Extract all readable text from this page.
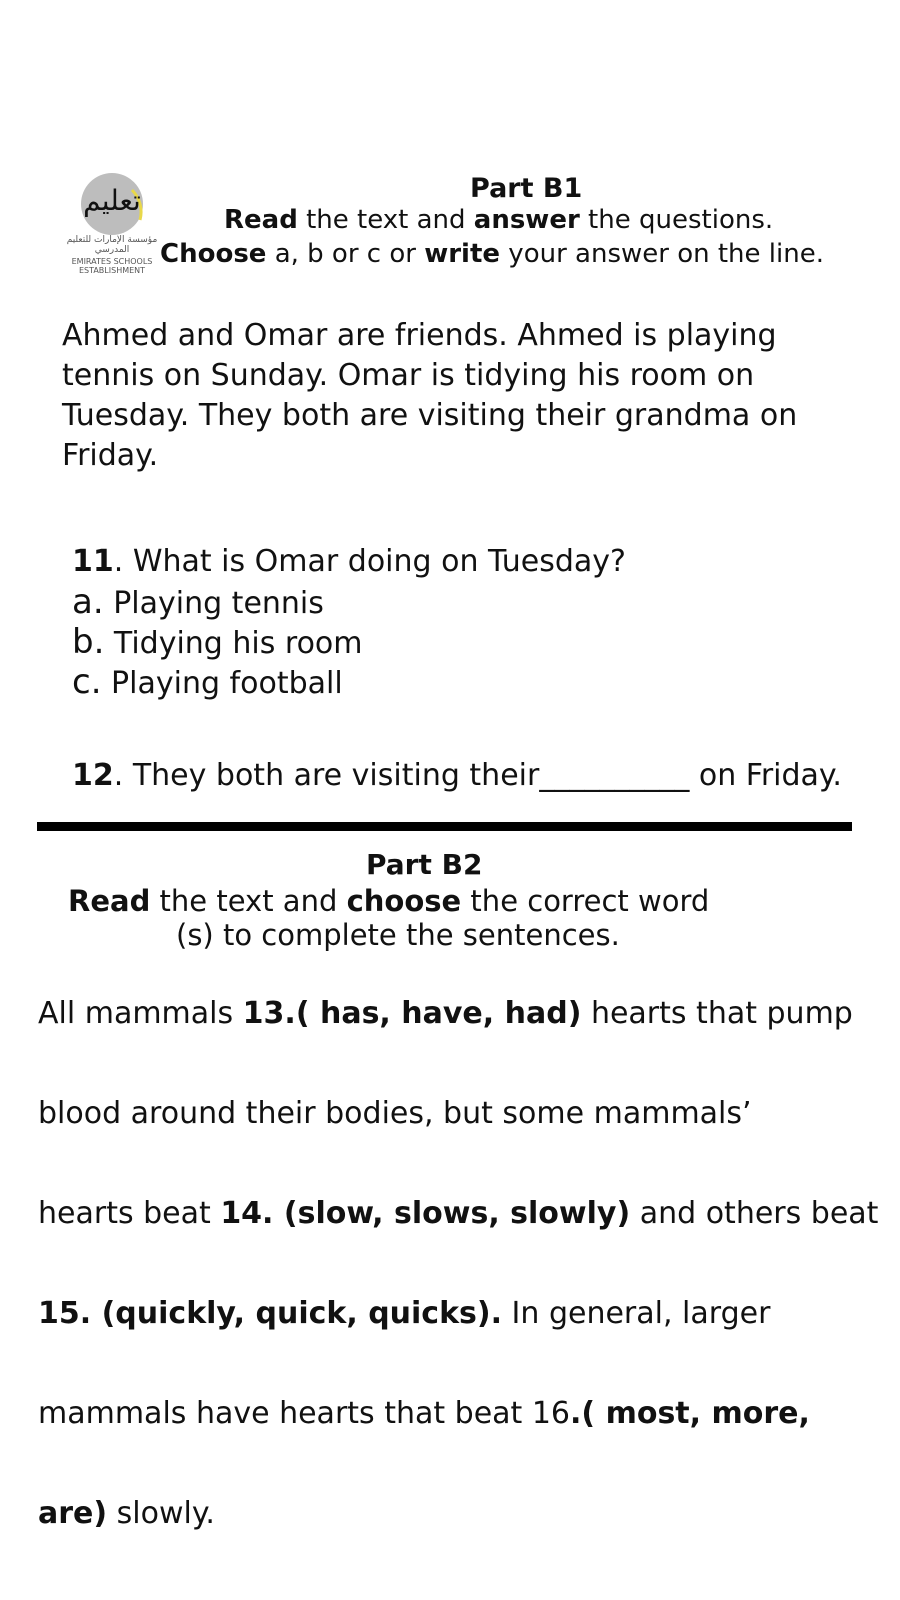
تعليم
مؤسسة الإمارات للتعليم المدرسي
EMIRATES SCHOOLS
ESTABLISHMENT
Part B1
Read the text and answer the questions.
Choose a, b or c or write your answer on the line.
Ahmed and Omar are friends. Ahmed is playing tennis on Sunday. Omar is tidying his room on Tuesday. They both are visiting their grandma on Friday.
11. What is Omar doing on Tuesday?
a. Playing tennis
b. Tidying his room
c. Playing football
12. They both are visiting their__________ on Friday.
Part B2
Read the text and choose the correct word
(s) to complete the sentences.
All mammals 13.( has, have, had) hearts that pump
blood around their bodies, but some mammals’
hearts beat 14. (slow, slows, slowly) and others beat
15. (quickly, quick, quicks). In general, larger
mammals have hearts that beat 16.( most, more,
are) slowly.
